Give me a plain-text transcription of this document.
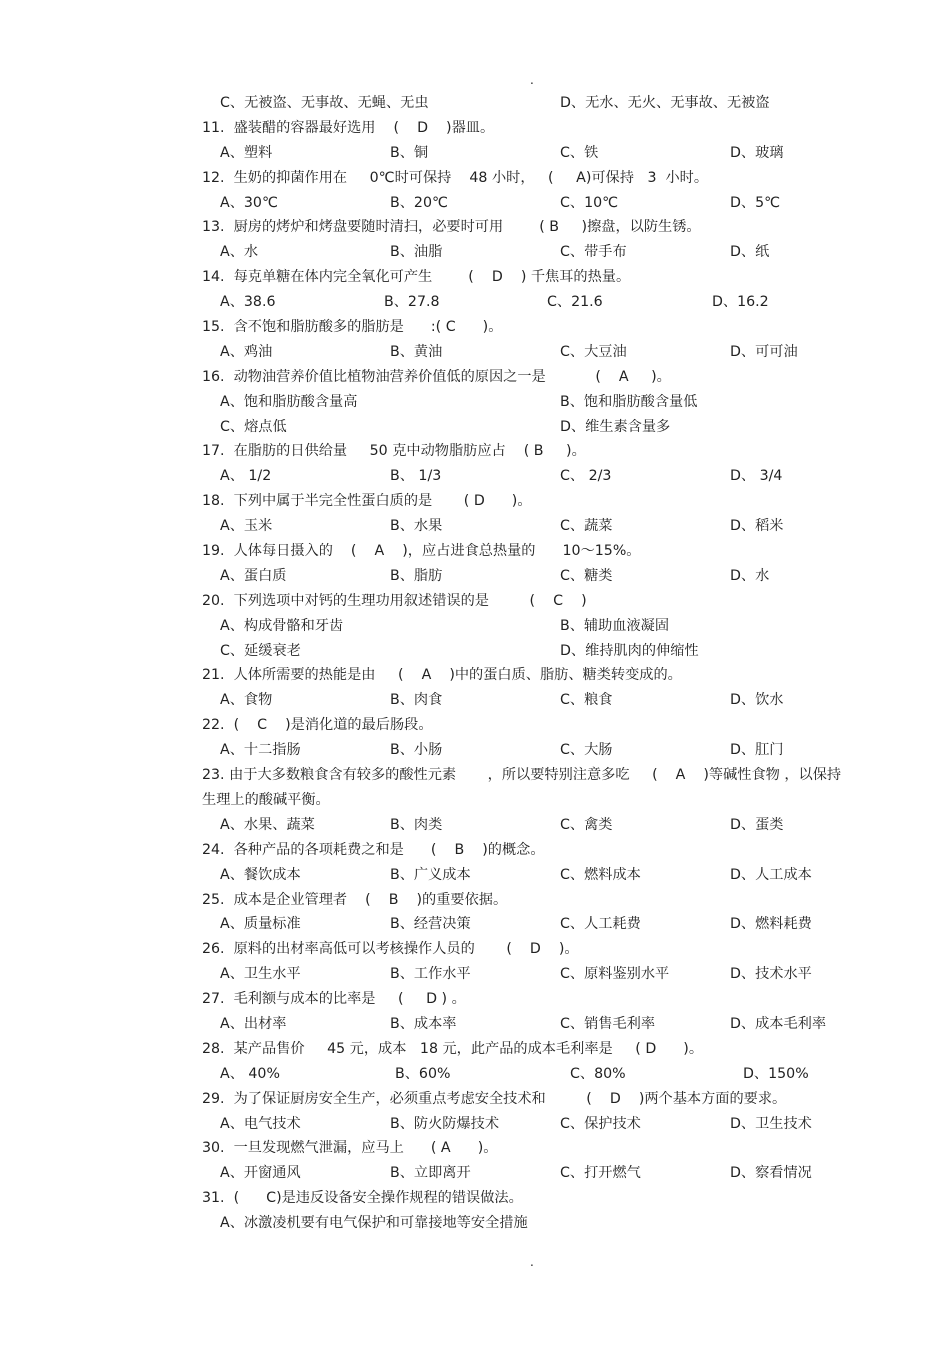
.
C、无被盗、无事故、无蝇、无虫	D、无水、无火、无事故、无被盗
11.  盛装醋的容器最好选用    (    D    )器皿。
A、塑料	B、铜	C、铁	D、玻璃
12.  生奶的抑菌作用在     0℃时可保持    48 小时，   (     A)可保持   3  小时。
A、30℃	B、20℃	C、10℃	D、5℃
13.  厨房的烤炉和烤盘要随时清扫，必要时可用        ( B     )擦盘，以防生锈。
A、水	B、油脂	C、带手布	D、纸
14.  每克单糖在体内完全氧化可产生        (    D    ) 千焦耳的热量。
A、38.6	B、27.8	C、21.6	D、16.2
15.  含不饱和脂肪酸多的脂肪是      :( C      )。
A、鸡油	B、黄油	C、大豆油	D、可可油
16.  动物油营养价值比植物油营养价值低的原因之一是           (    A     )。
A、饱和脂肪酸含量高	B、饱和脂肪酸含量低
C、熔点低	D、维生素含量多
17.  在脂肪的日供给量     50 克中动物脂肪应占    ( B     )。
A、 1/2	B、 1/3	C、 2/3	D、 3/4
18.  下列中属于半完全性蛋白质的是       ( D      )。
A、玉米	B、水果	C、蔬菜	D、稻米
19.  人体每日摄入的    (    A    )，应占进食总热量的      10～15%。
A、蛋白质	B、脂肪	C、糖类	D、水
20.  下列选项中对钙的生理功用叙述错误的是         (    C    )
A、构成骨骼和牙齿	B、辅助血液凝固
C、延缓衰老	D、维持肌肉的伸缩性
21.  人体所需要的热能是由     (    A    )中的蛋白质、脂肪、糖类转变成的。
A、食物	B、肉食	C、粮食	D、饮水
22.  (    C    )是消化道的最后肠段。
A、十二指肠	B、小肠	C、大肠	D、肛门
23. 由于大多数粮食含有较多的酸性元素       ，所以要特别注意多吃     (    A    )等碱性食物 ，以保持
生理上的酸碱平衡。
A、水果、蔬菜	B、肉类	C、禽类	D、蛋类
24.  各种产品的各项耗费之和是      (    B    )的概念。
A、餐饮成本	B、广义成本	C、燃料成本	D、人工成本
25.  成本是企业管理者    (    B    )的重要依据。
A、质量标准	B、经营决策	C、人工耗费	D、燃料耗费
26.  原料的出材率高低可以考核操作人员的       (    D    )。
A、卫生水平	B、工作水平	C、原料鉴别水平	D、技术水平
27.  毛利额与成本的比率是     (     D ) 。
A、出材率	B、成本率	C、销售毛利率	D、成本毛利率
28.  某产品售价     45 元，成本   18 元，此产品的成本毛利率是     ( D      )。
A、 40%	B、60%	C、80%	D、150%
29.  为了保证厨房安全生产，必须重点考虑安全技术和         (    D    )两个基本方面的要求。
A、电气技术	B、防火防爆技术	C、保护技术	D、卫生技术
30.  一旦发现燃气泄漏，应马上      ( A      )。
A、开窗通风	B、立即离开	C、打开燃气	D、察看情况
31.  (      C)是违反设备安全操作规程的错误做法。
A、冰激凌机要有电气保护和可靠接地等安全措施
.
